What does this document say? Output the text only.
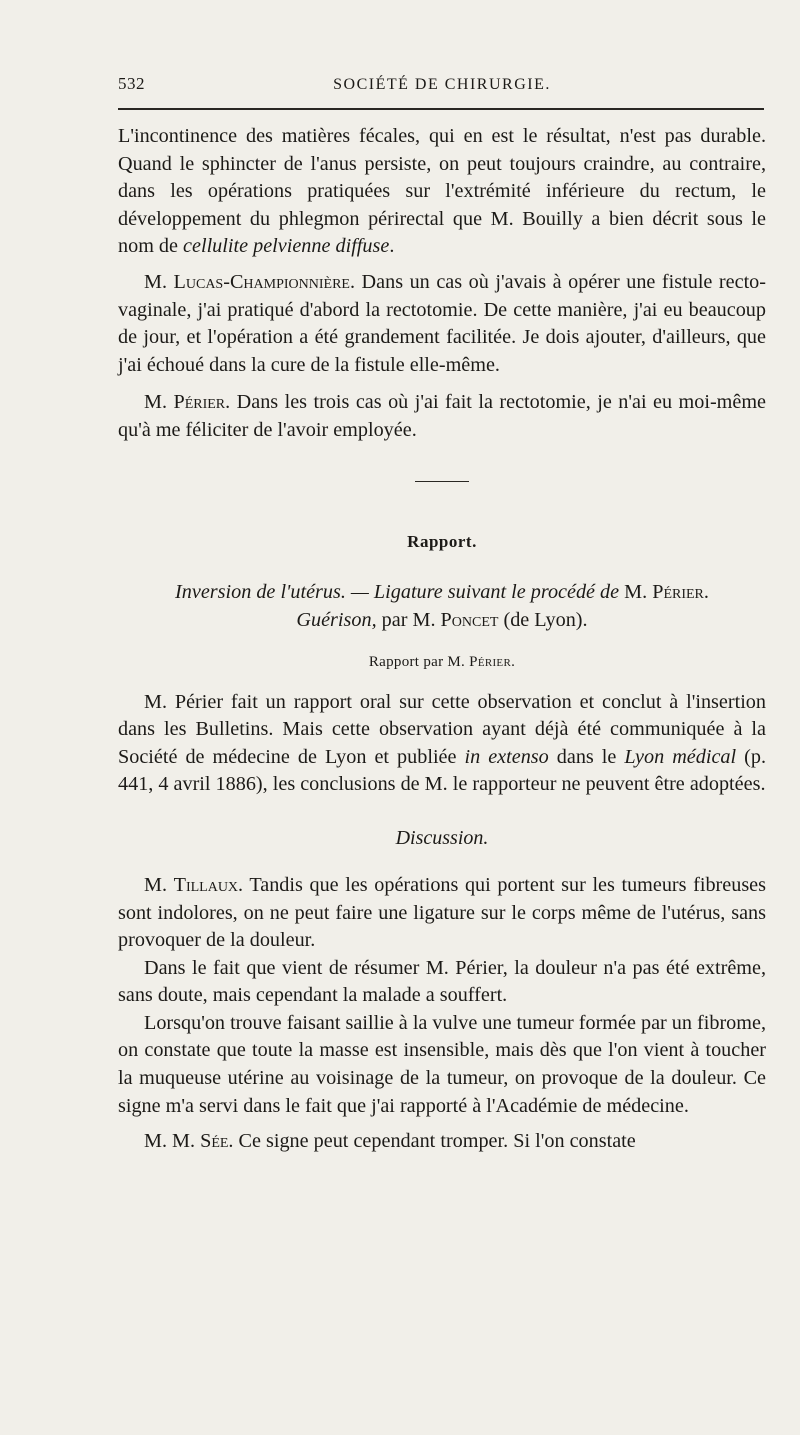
532	SOCIÉTÉ DE CHIRURGIE.

L'incontinence des matières fécales, qui en est le résultat, n'est pas durable. Quand le sphincter de l'anus persiste, on peut toujours craindre, au contraire, dans les opérations pratiquées sur l'extrémité inférieure du rectum, le développement du phlegmon périrectal que M. Bouilly a bien décrit sous le nom de cellulite pelvienne diffuse.

M. Lucas-Championnière. Dans un cas où j'avais à opérer une fistule recto-vaginale, j'ai pratiqué d'abord la rectotomie. De cette manière, j'ai eu beaucoup de jour, et l'opération a été grandement facilitée. Je dois ajouter, d'ailleurs, que j'ai échoué dans la cure de la fistule elle-même.

M. Périer. Dans les trois cas où j'ai fait la rectotomie, je n'ai eu moi-même qu'à me féliciter de l'avoir employée.

Rapport.
Inversion de l'utérus. — Ligature suivant le procédé de M. Périer.
Guérison, par M. Poncet (de Lyon).
Rapport par M. Périer.

M. Périer fait un rapport oral sur cette observation et conclut à l'insertion dans les Bulletins. Mais cette observation ayant déjà été communiquée à la Société de médecine de Lyon et publiée in extenso dans le Lyon médical (p. 441, 4 avril 1886), les conclusions de M. le rapporteur ne peuvent être adoptées.

Discussion.

M. Tillaux. Tandis que les opérations qui portent sur les tumeurs fibreuses sont indolores, on ne peut faire une ligature sur le corps même de l'utérus, sans provoquer de la douleur.

Dans le fait que vient de résumer M. Périer, la douleur n'a pas été extrême, sans doute, mais cependant la malade a souffert.

Lorsqu'on trouve faisant saillie à la vulve une tumeur formée par un fibrome, on constate que toute la masse est insensible, mais dès que l'on vient à toucher la muqueuse utérine au voisinage de la tumeur, on provoque de la douleur. Ce signe m'a servi dans le fait que j'ai rapporté à l'Académie de médecine.

M. M. Sée. Ce signe peut cependant tromper. Si l'on constate
